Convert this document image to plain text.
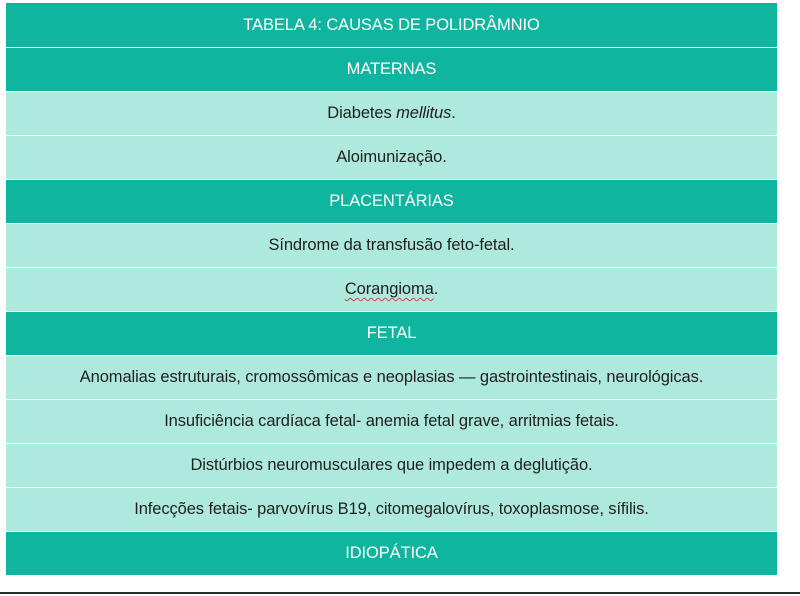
TABELA 4: CAUSAS DE POLIDRÂMNIO
MATERNAS
Diabetes mellitus.
Aloimunização.
PLACENTÁRIAS
Síndrome da transfusão feto-fetal.
Corangioma.
FETAL
Anomalias estruturais, cromossômicas e neoplasias — gastrointestinais, neurológicas.
Insuficiência cardíaca fetal- anemia fetal grave, arritmias fetais.
Distúrbios neuromusculares que impedem a deglutição.
Infecções fetais- parvovírus B19, citomegalovírus, toxoplasmose, sífilis.
IDIOPÁTICA
